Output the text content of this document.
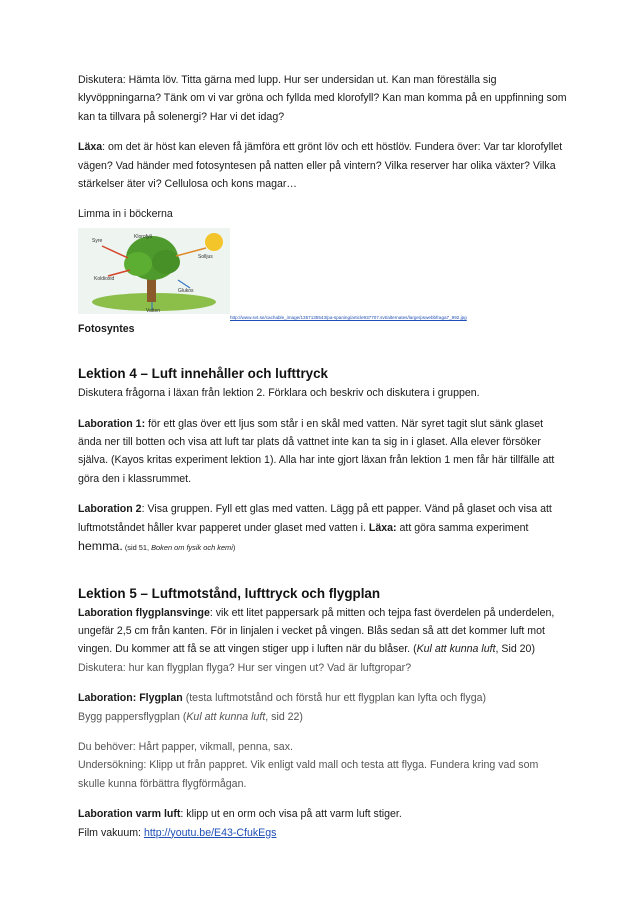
Diskutera: Hämta löv. Titta gärna med lupp. Hur ser undersidan ut. Kan man föreställa sig klyvöppningarna? Tänk om vi var gröna och fyllda med klorofyll? Kan man komma på en uppfinning som kan ta tillvara på solenergi? Har vi det idag?

Läxa: om det är höst kan eleven få jämföra ett grönt löv och ett höstlöv. Fundera över: Var tar klorofyllet vägen? Vad händer med fotosyntesen på natten eller på vintern? Vilka reserver har olika växter? Vilka stärkelser äter vi? Cellulosa och kons magar…

Limma in i böckerna

Syre
Solljus
Koldioxid
Glukos
Vatten
Klorofyll
http://www.svt.se/cachable_image/1357135543/pa-spaning/article937707.svt/alternates/large/pswebbfraga7_992.jpg

Fotosyntes

Lektion 4 – Luft innehåller och lufttryck

Diskutera frågorna i läxan från lektion 2. Förklara och beskriv och diskutera i gruppen.

Laboration 1: för ett glas över ett ljus som står i en skål med vatten. När syret tagit slut sänk glaset ända ner till botten och visa att luft tar plats då vattnet inte kan ta sig in i glaset. Alla elever försöker själva. (Kayos kritas experiment lektion 1). Alla har inte gjort läxan från lektion 1 men får här tillfälle att göra den i klassrummet.

Laboration 2: Visa gruppen. Fyll ett glas med vatten. Lägg på ett papper. Vänd på glaset och visa att luftmotståndet håller kvar papperet under glaset med vatten i. Läxa: att göra samma experiment hemma. (sid 51, Boken om fysik och kemi)

Lektion 5 – Luftmotstånd, lufttryck och flygplan

Laboration flygplansvinge: vik ett litet pappersark på mitten och tejpa fast överdelen på underdelen, ungefär 2,5 cm från kanten. För in linjalen i vecket på vingen. Blås sedan så att det kommer luft mot vingen. Du kommer att få se att vingen stiger upp i luften när du blåser. (Kul att kunna luft, Sid 20)

Diskutera: hur kan flygplan flyga? Hur ser vingen ut? Vad är luftgropar?

Laboration: Flygplan (testa luftmotstånd och förstå hur ett flygplan kan lyfta och flyga)

Bygg pappersflygplan (Kul att kunna luft, sid 22)

Du behöver: Hårt papper, vikmall, penna, sax.

Undersökning: Klipp ut från pappret. Vik enligt vald mall och testa att flyga. Fundera kring vad som skulle kunna förbättra flygförmågan.

Laboration varm luft: klipp ut en orm och visa på att varm luft stiger.

Film vakuum: http://youtu.be/E43-CfukEgs
